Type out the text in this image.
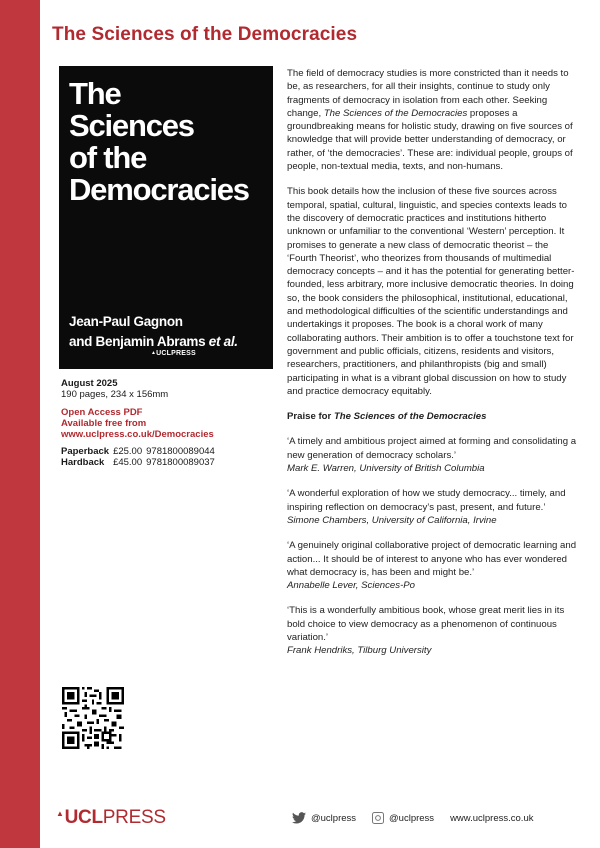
The Sciences of the Democracies
The
Sciences
of the
Democracies
Jean-Paul Gagnon
and Benjamin Abrams et al.
▲UCLPRESS
August 2025
190 pages, 234 x 156mm
Open Access PDF
Available free from
www.uclpress.co.uk/Democracies
Paperback	£25.00	9781800089044
Hardback	£45.00	9781800089037
▲UCLPRESS

The field of democracy studies is more constricted than it needs to be, as researchers, for all their insights, continue to study only fragments of democracy in isolation from each other. Seeking change, The Sciences of the Democracies proposes a groundbreaking means for holistic study, drawing on five sources of knowledge that will provide better understanding of democracy, or rather, of ‘the democracies’. These are: individual people, groups of people, non-textual media, texts, and non-humans.

This book details how the inclusion of these five sources across temporal, spatial, cultural, linguistic, and species contexts leads to the discovery of democratic practices and institutions hitherto unknown or unfamiliar to the conventional ‘Western’ perception. It promises to generate a new class of democratic theorist – the ‘Fourth Theorist’, who theorizes from thousands of multimedial democracy concepts – and it has the potential for generating better-founded, less arbitrary, more inclusive democratic theories. In doing so, the book considers the philosophical, institutional, educational, and methodological difficulties of the scientific understandings and undertakings it proposes. The book is a choral work of many collaborating authors. Their ambition is to offer a touchstone text for government and public officials, citizens, residents and visitors, researchers, practitioners, and philanthropists (big and small) participating in what is a vibrant global discussion on how to study and practice democracy equitably.

Praise for The Sciences of the Democracies

‘A timely and ambitious project aimed at forming and consolidating a new generation of democracy scholars.’
Mark E. Warren, University of British Columbia
‘A wonderful exploration of how we study democracy... timely, and inspiring reflection on democracy’s past, present, and future.’
Simone Chambers, University of California, Irvine
‘A genuinely original collaborative project of democratic learning and action... It should be of interest to anyone who has ever wondered what democracy is, has been and might be.’
Annabelle Lever, Sciences-Po
‘This is a wonderfully ambitious book, whose great merit lies in its bold choice to view democracy as a phenomenon of continuous variation.’
Frank Hendriks, Tilburg University
@uclpress	@uclpress www.uclpress.co.uk
